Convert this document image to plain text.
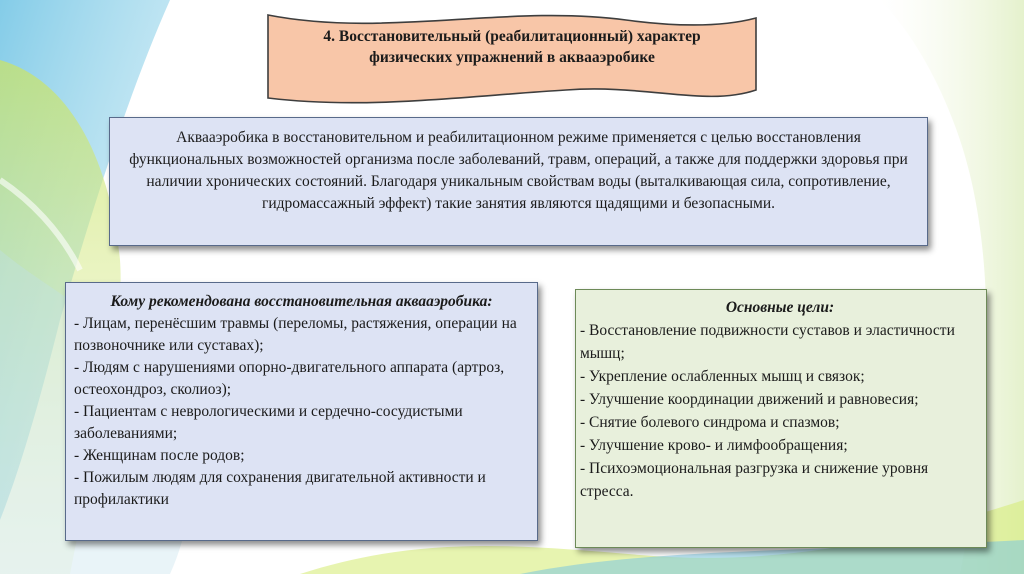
4. Восстановительный (реабилитационный) характер физических упражнений в аквааэробике
Аквааэробика в восстановительном и реабилитационном режиме применяется с целью восстановления функциональных возможностей организма после заболеваний, травм, операций, а также для поддержки здоровья при наличии хронических состояний. Благодаря уникальным свойствам воды (выталкивающая сила, сопротивление, гидромассажный эффект) такие занятия являются щадящими и безопасными.
Кому рекомендована восстановительная аквааэробика:
- Лицам, перенёсшим травмы (переломы, растяжения, операции на позвоночнике или суставах);
- Людям с нарушениями опорно-двигательного аппарата (артроз, остеохондроз, сколиоз);
- Пациентам с неврологическими и сердечно-сосудистыми заболеваниями;
- Женщинам после родов;
- Пожилым людям для сохранения двигательной активности и профилактики
Основные цели:
- Восстановление подвижности суставов и эластичности мышц;
- Укрепление ослабленных мышц и связок;
- Улучшение координации движений и равновесия;
- Снятие болевого синдрома и спазмов;
- Улучшение крово- и лимфообращения;
- Психоэмоциональная разгрузка и снижение уровня стресса.
